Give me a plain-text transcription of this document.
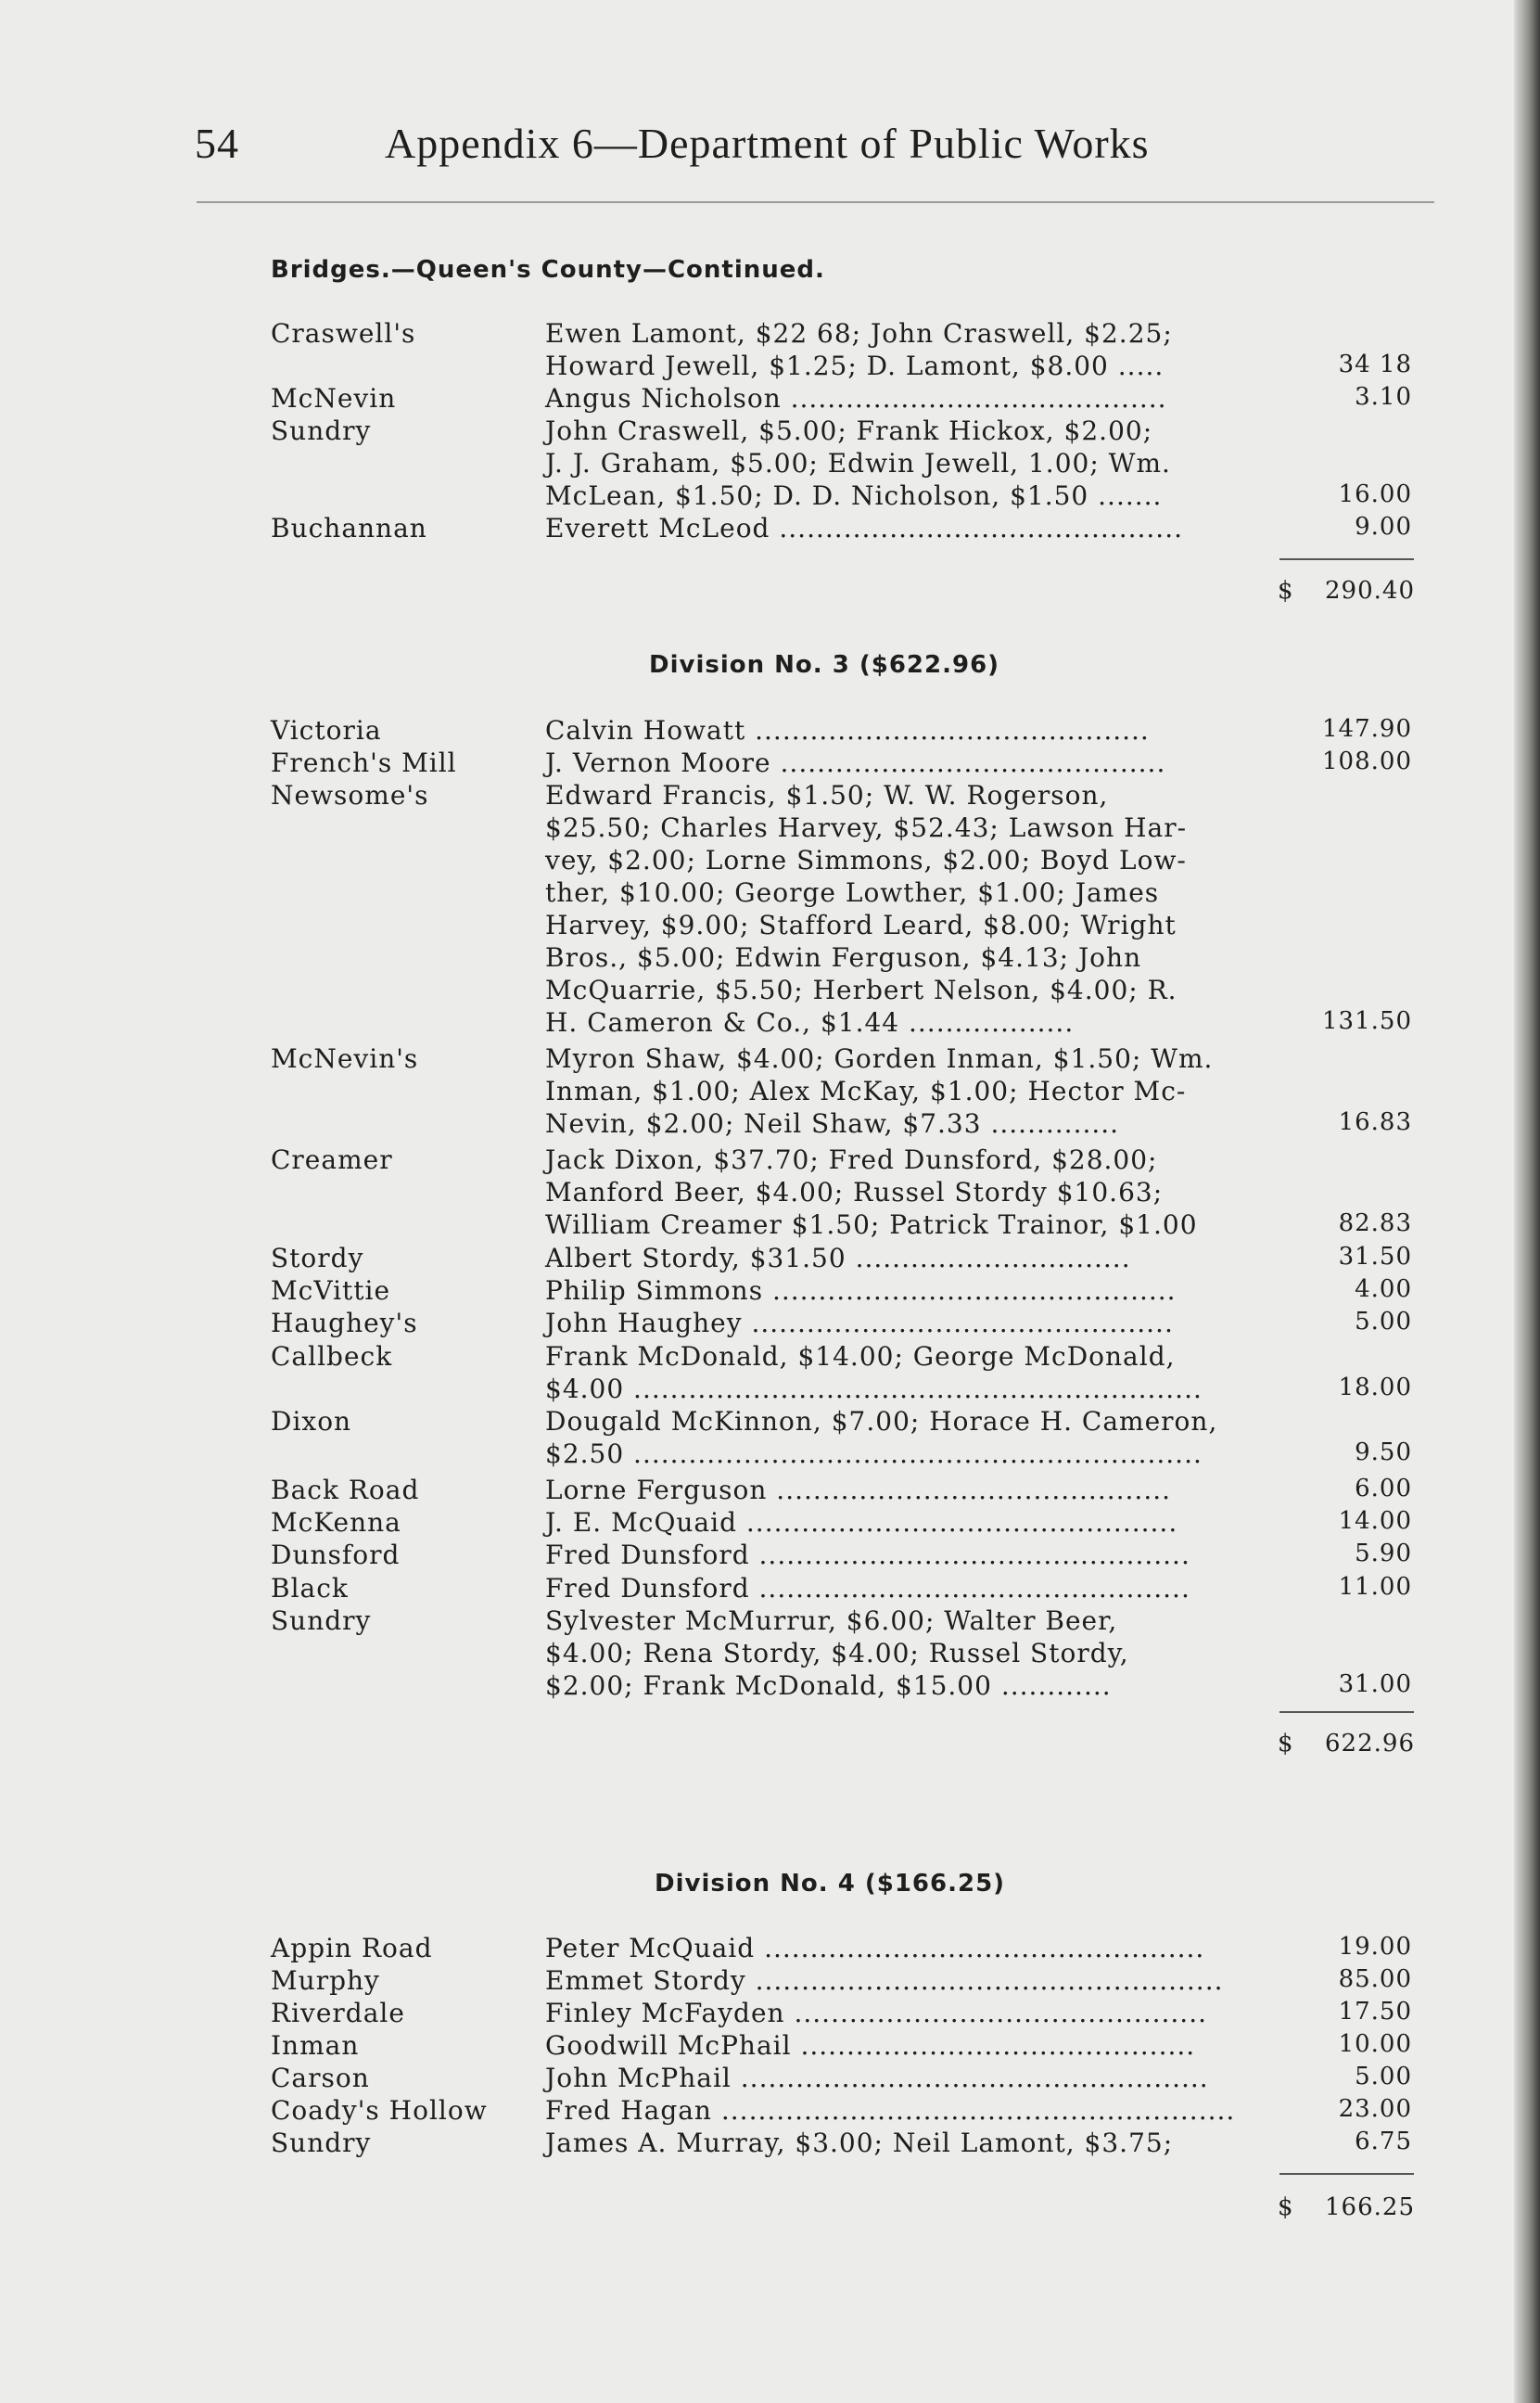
54	Appendix 6—Department of Public Works
Bridges.—Queen's County—Continued.
Craswell's	Ewen Lamont, $22 68; John Craswell, $2.25;
Howard Jewell, $1.25; D. Lamont, $8.00 .....	34 18
McNevin	Angus Nicholson .........................................	3.10
Sundry	John Craswell, $5.00; Frank Hickox, $2.00;
J. J. Graham, $5.00; Edwin Jewell, 1.00; Wm.
McLean, $1.50; D. D. Nicholson, $1.50 .......	16.00
Buchannan	Everett McLeod ............................................	9.00
$ 290.40
Division No. 3 ($622.96)
Victoria	Calvin Howatt ...........................................	147.90
French's Mill	J. Vernon Moore ..........................................	108.00
Newsome's	Edward Francis, $1.50; W. W. Rogerson,
$25.50; Charles Harvey, $52.43; Lawson Har-
vey, $2.00; Lorne Simmons, $2.00; Boyd Low-
ther, $10.00; George Lowther, $1.00; James
Harvey, $9.00; Stafford Leard, $8.00; Wright
Bros., $5.00; Edwin Ferguson, $4.13; John
McQuarrie, $5.50; Herbert Nelson, $4.00; R.
H. Cameron & Co., $1.44 ..................	131.50
McNevin's	Myron Shaw, $4.00; Gorden Inman, $1.50; Wm.
Inman, $1.00; Alex McKay, $1.00; Hector Mc-
Nevin, $2.00; Neil Shaw, $7.33 ..............	16.83
Creamer	Jack Dixon, $37.70; Fred Dunsford, $28.00;
Manford Beer, $4.00; Russel Stordy $10.63;
William Creamer $1.50; Patrick Trainor, $1.00	82.83
Stordy	Albert Stordy, $31.50 ..............................	31.50
McVittie	Philip Simmons ............................................	4.00
Haughey's	John Haughey ..............................................	5.00
Callbeck	Frank McDonald, $14.00; George McDonald,
$4.00 ..............................................................	18.00
Dixon	Dougald McKinnon, $7.00; Horace H. Cameron,
$2.50 ..............................................................	9.50
Back Road	Lorne Ferguson ...........................................	6.00
McKenna	J. E. McQuaid ...............................................	14.00
Dunsford	Fred Dunsford ...............................................	5.90
Black	Fred Dunsford ...............................................	11.00
Sundry	Sylvester McMurrur, $6.00; Walter Beer,
$4.00; Rena Stordy, $4.00; Russel Stordy,
$2.00; Frank McDonald, $15.00 ............	31.00
$ 622.96
Division No. 4 ($166.25)
Appin Road	Peter McQuaid ................................................	19.00
Murphy	Emmet Stordy ...................................................	85.00
Riverdale	Finley McFayden .............................................	17.50
Inman	Goodwill McPhail ...........................................	10.00
Carson	John McPhail ...................................................	5.00
Coady's Hollow Fred Hagan ........................................................	23.00
Sundry	James A. Murray, $3.00; Neil Lamont, $3.75;	6.75
$ 166.25
